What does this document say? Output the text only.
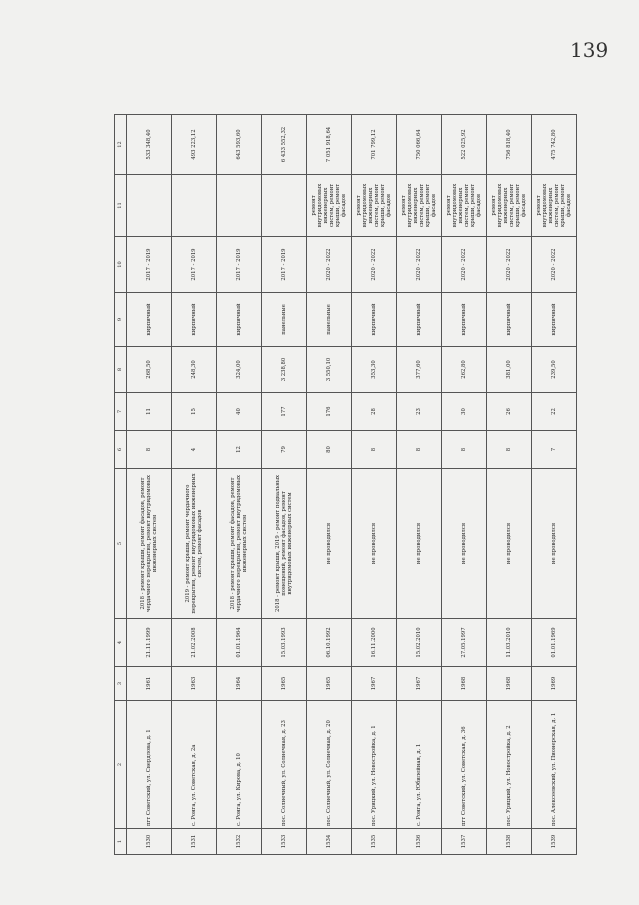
139
1	2	3	4	5	6	7	8	9	10	11	12
1530	пгт Советский, ул. Свердлова, д. 1	1961	21.11.1999	2018 - ремонт крыши, ремонт фасадов, ремонт чердачного перекрытия, ремонт внутридомовых инженерных систем	8	11	268,50	кирпичный	2017 - 2019		533 348,40
1531	с. Ронга, ул. Советская, д. 2а	1963	21.02.2008	2019 - ремонт крыши, ремонт чердачного перекрытия, ремонт внутридомовых инженерных систем, ремонт фасадов	4	15	248,30	кирпичный	2017 - 2019		493 223,12
1532	с. Ронга, ул. Кирова, д. 10	1964	01.01.1964	2018 - ремонт крыши, ремонт фасадов, ремонт чердачного перекрытия, ремонт внутридомовых инженерных систем	12	40	324,00	кирпичный	2017 - 2019		643 593,60
1533	пос. Солнечный, ул. Солнечная, д. 23	1965	15.03.1993	2018 - ремонт крыши, 2019 - ремонт подвальных помещений, ремонт фасадов, ремонт внутридомовых инженерных систем	79	177	3 238,80	панельные	2017 - 2019		6 433 552,32
1534	пос. Солнечный, ул. Солнечная, д. 20	1965	06.10.1992	не проводился	80	176	3 550,10	панельные	2020 - 2022	ремонт внутридомовых инженерных систем, ремонт крыши, ремонт фасадов	7 051 918,64
1535	пос. Урицкий, ул. Новостройка, д. 1	1967	16.11.2000	не проводился	8	28	353,30	кирпичный	2020 - 2022	ремонт внутридомовых инженерных систем, ремонт крыши, ремонт фасадов	701 799,12
1536	с. Ронга, ул. Юбилейная, д. 1	1967	15.02.2010	не проводился	8	23	377,60	кирпичный	2020 - 2022	ремонт внутридомовых инженерных систем, ремонт крыши, ремонт фасадов	750 066,64
1537	пгт Советский, ул. Советская, д. 36	1968	27.05.1997	не проводился	8	30	262,80	кирпичный	2020 - 2022	ремонт внутридомовых инженерных систем, ремонт крыши, ремонт фасадов	522 025,92
1538	пос. Урицкий, ул. Новостройка, д. 2	1968	11.03.2010	не проводился	8	26	381,00	кирпичный	2020 - 2022	ремонт внутридомовых инженерных систем, ремонт крыши, ремонт фасадов	756 818,40
1539	пос. Алексеевский, ул. Пионерская, д. 1	1969	01.01.1969	не проводился	7	22	239,50	кирпичный	2020 - 2022	ремонт внутридомовых инженерных систем, ремонт крыши, ремонт фасадов	475 742,80
